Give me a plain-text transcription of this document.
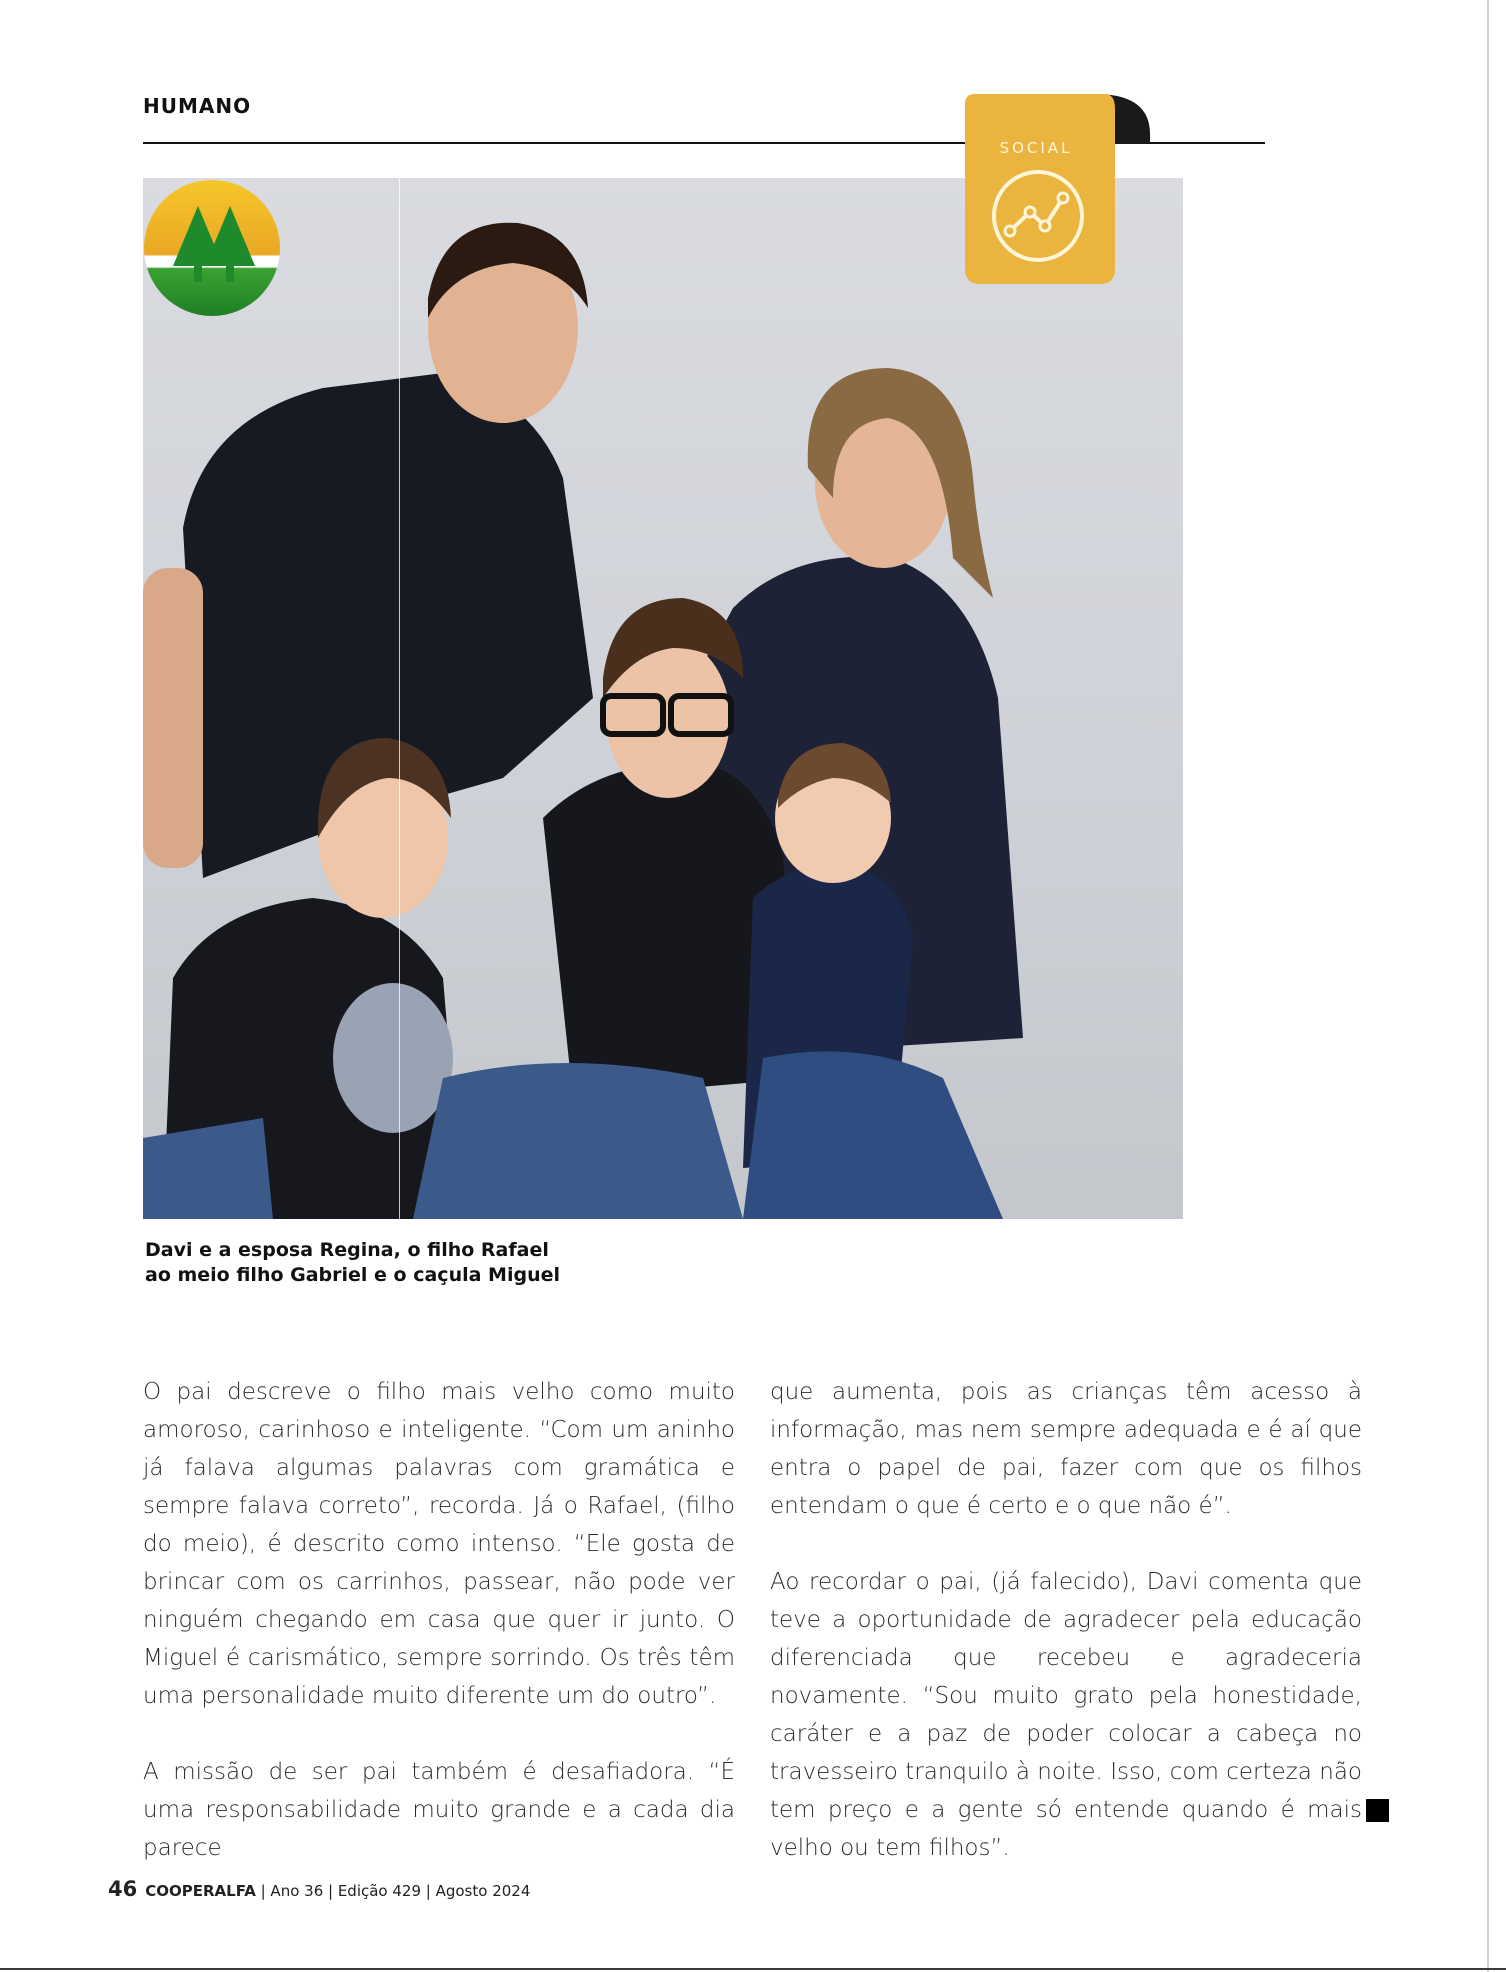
HUMANO
SOCIAL
Davi e a esposa Regina, o filho Rafael
ao meio filho Gabriel e o caçula Miguel

O pai descreve o filho mais velho como muito amoroso, carinhoso e inteligente. “Com um aninho já falava algumas palavras com gramática e sempre falava correto”, recorda. Já o Rafael, (filho do meio), é descrito como intenso. “Ele gosta de brincar com os carrinhos, passear, não pode ver ninguém chegando em casa que quer ir junto. O Miguel é carismático, sempre sorrindo. Os três têm uma personalidade muito diferente um do outro”.

A missão de ser pai também é desafiadora. “É uma responsabilidade muito grande e a cada dia parece

que aumenta, pois as crianças têm acesso à informação, mas nem sempre adequada e é aí que entra o papel de pai, fazer com que os filhos entendam o que é certo e o que não é”.

Ao recordar o pai, (já falecido), Davi comenta que teve a oportunidade de agradecer pela educação diferenciada que recebeu e agradeceria novamente. “Sou muito grato pela honestidade, caráter e a paz de poder colocar a cabeça no travesseiro tranquilo à noite. Isso, com certeza não tem preço e a gente só entende quando é mais velho ou tem filhos”.

46 COOPERALFA | Ano 36 | Edição 429 | Agosto 2024
